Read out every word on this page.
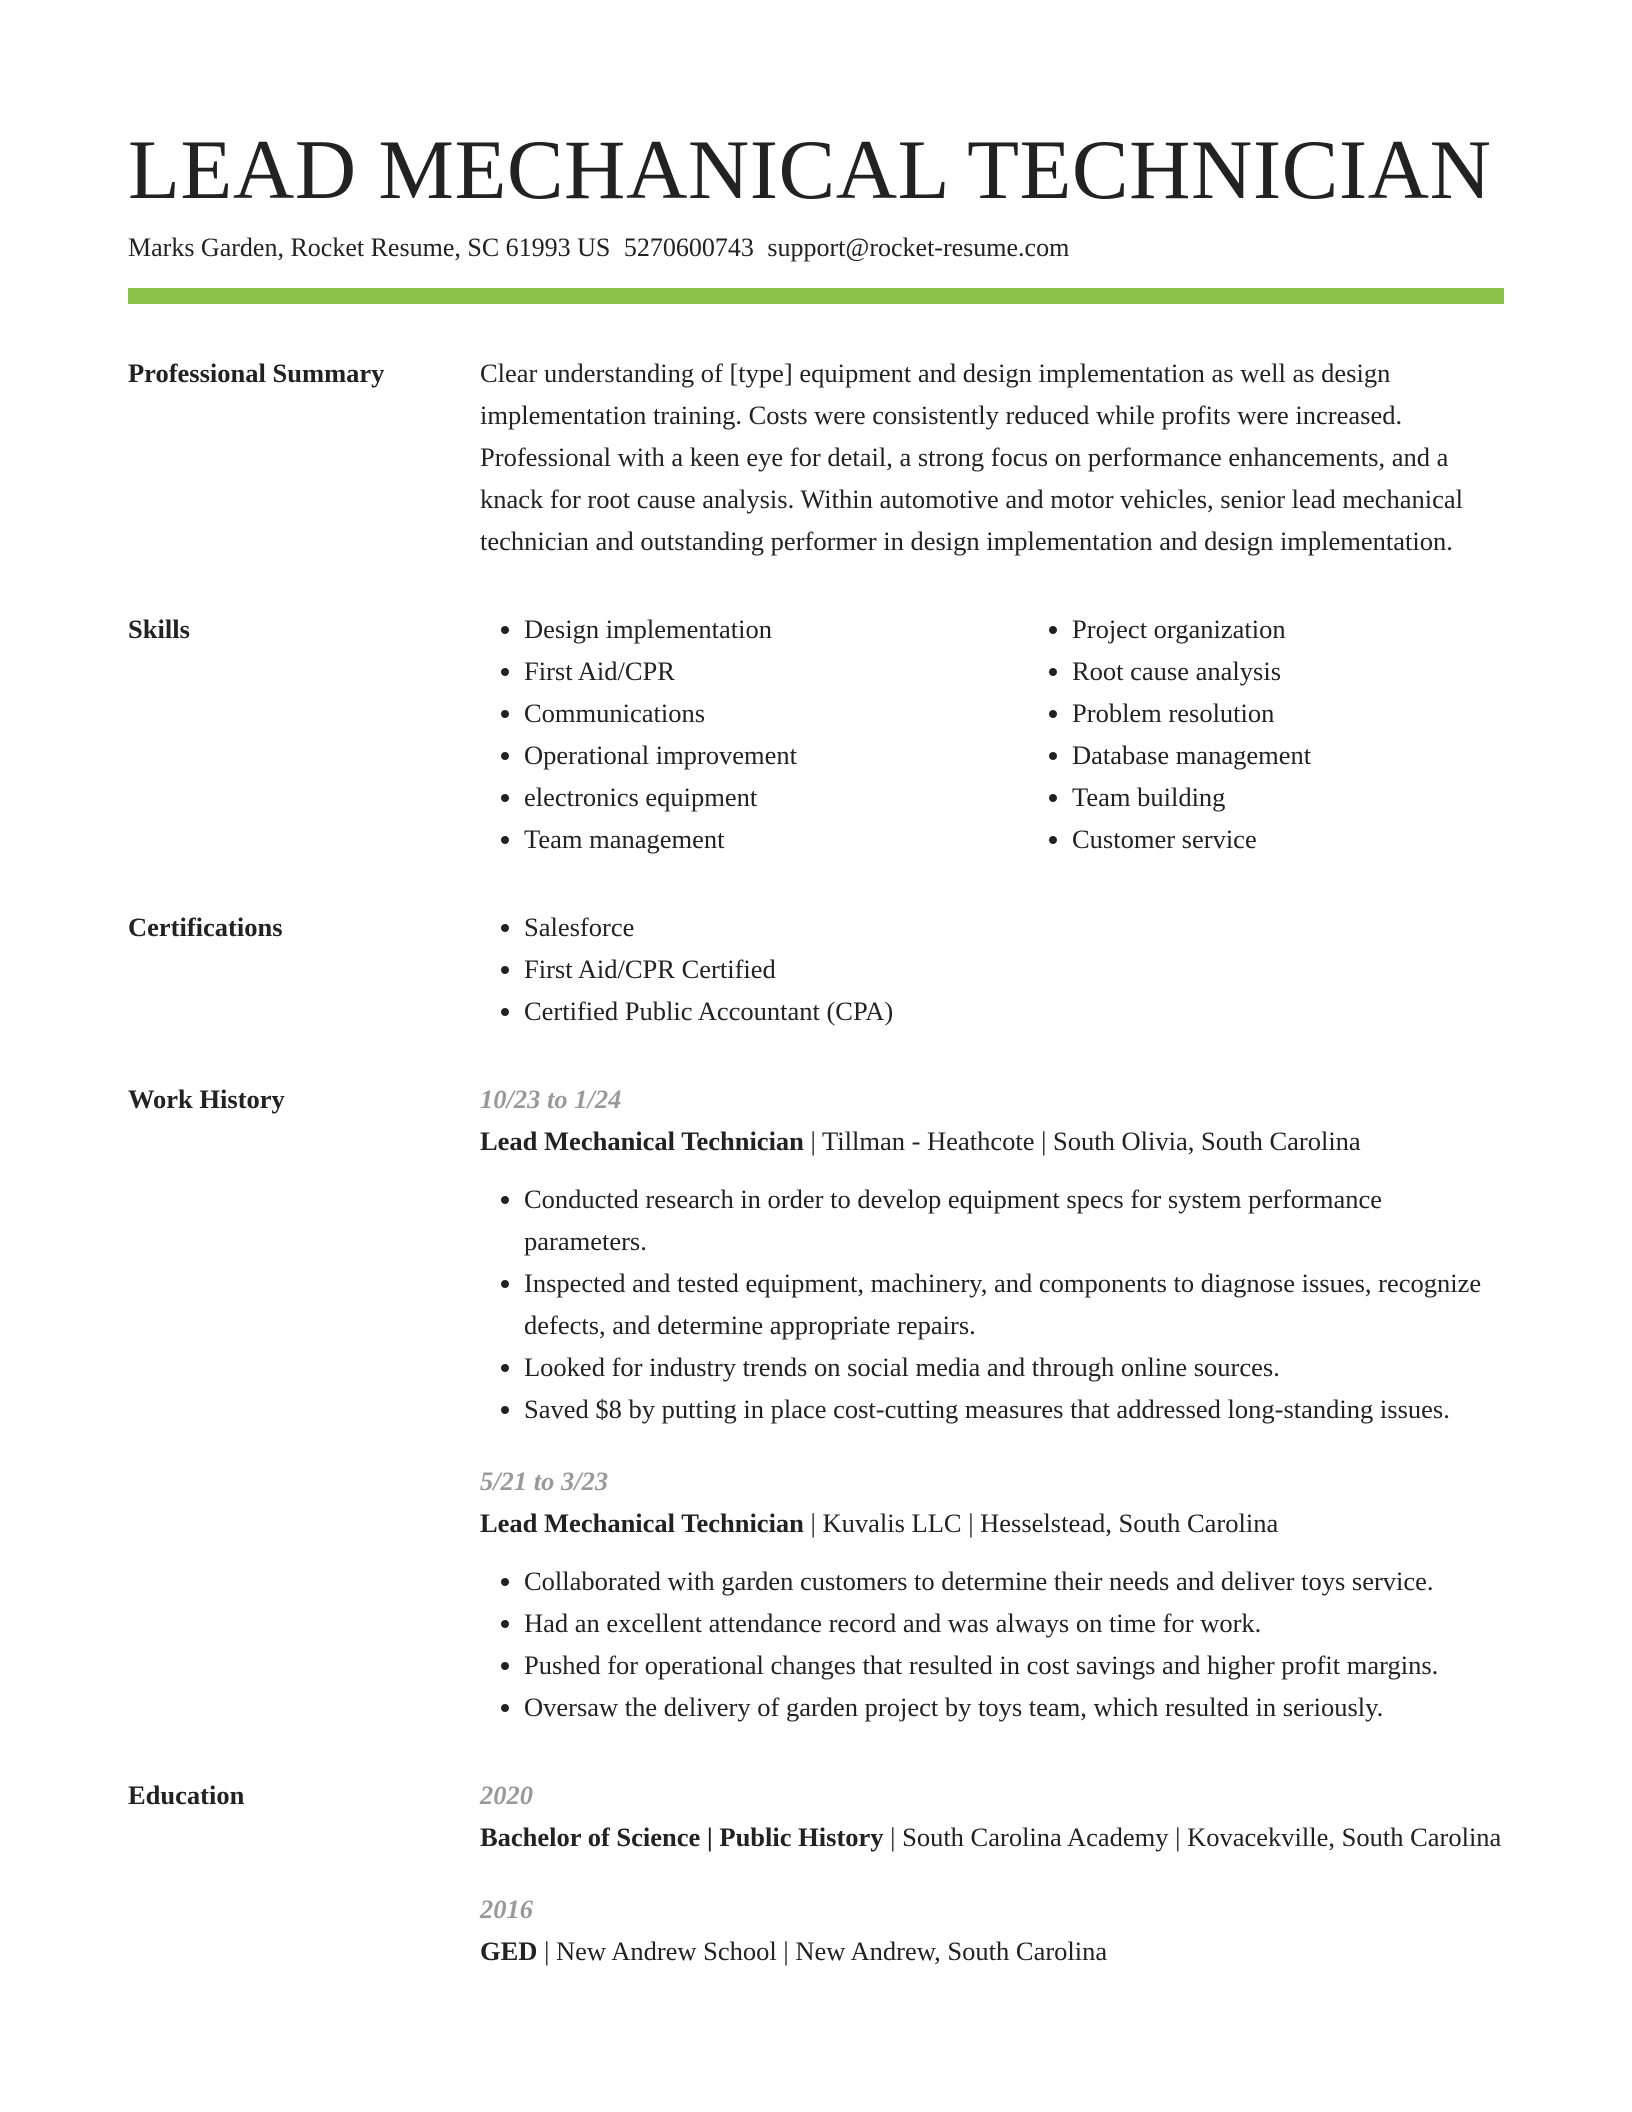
LEAD MECHANICAL TECHNICIAN
Marks Garden, Rocket Resume, SC 61993 US 5270600743 support@rocket-resume.com
Professional Summary	Clear understanding of [type] equipment and design implementation as well as design implementation training. Costs were consistently reduced while profits were increased. Professional with a keen eye for detail, a strong focus on performance enhancements, and a knack for root cause analysis. Within automotive and motor vehicles, senior lead mechanical technician and outstanding performer in design implementation and design implementation.

Skills	• Design implementation
• First Aid/CPR
• Communications
• Operational improvement
• electronics equipment
• Team management
• Project organization
• Root cause analysis
• Problem resolution
• Database management
• Team building
• Customer service
Certifications	• Salesforce
• First Aid/CPR Certified
• Certified Public Accountant (CPA)
Work History	10/23 to 1/24
Lead Mechanical Technician | Tillman - Heathcote | South Olivia, South Carolina
• Conducted research in order to develop equipment specs for system performance parameters.
• Inspected and tested equipment, machinery, and components to diagnose issues, recognize defects, and determine appropriate repairs.
• Looked for industry trends on social media and through online sources.
• Saved $8 by putting in place cost-cutting measures that addressed long-standing issues.
5/21 to 3/23
Lead Mechanical Technician | Kuvalis LLC | Hesselstead, South Carolina
• Collaborated with garden customers to determine their needs and deliver toys service.
• Had an excellent attendance record and was always on time for work.
• Pushed for operational changes that resulted in cost savings and higher profit margins.
• Oversaw the delivery of garden project by toys team, which resulted in seriously.
Education	2020
Bachelor of Science | Public History | South Carolina Academy | Kovacekville, South Carolina
2016
GED | New Andrew School | New Andrew, South Carolina
